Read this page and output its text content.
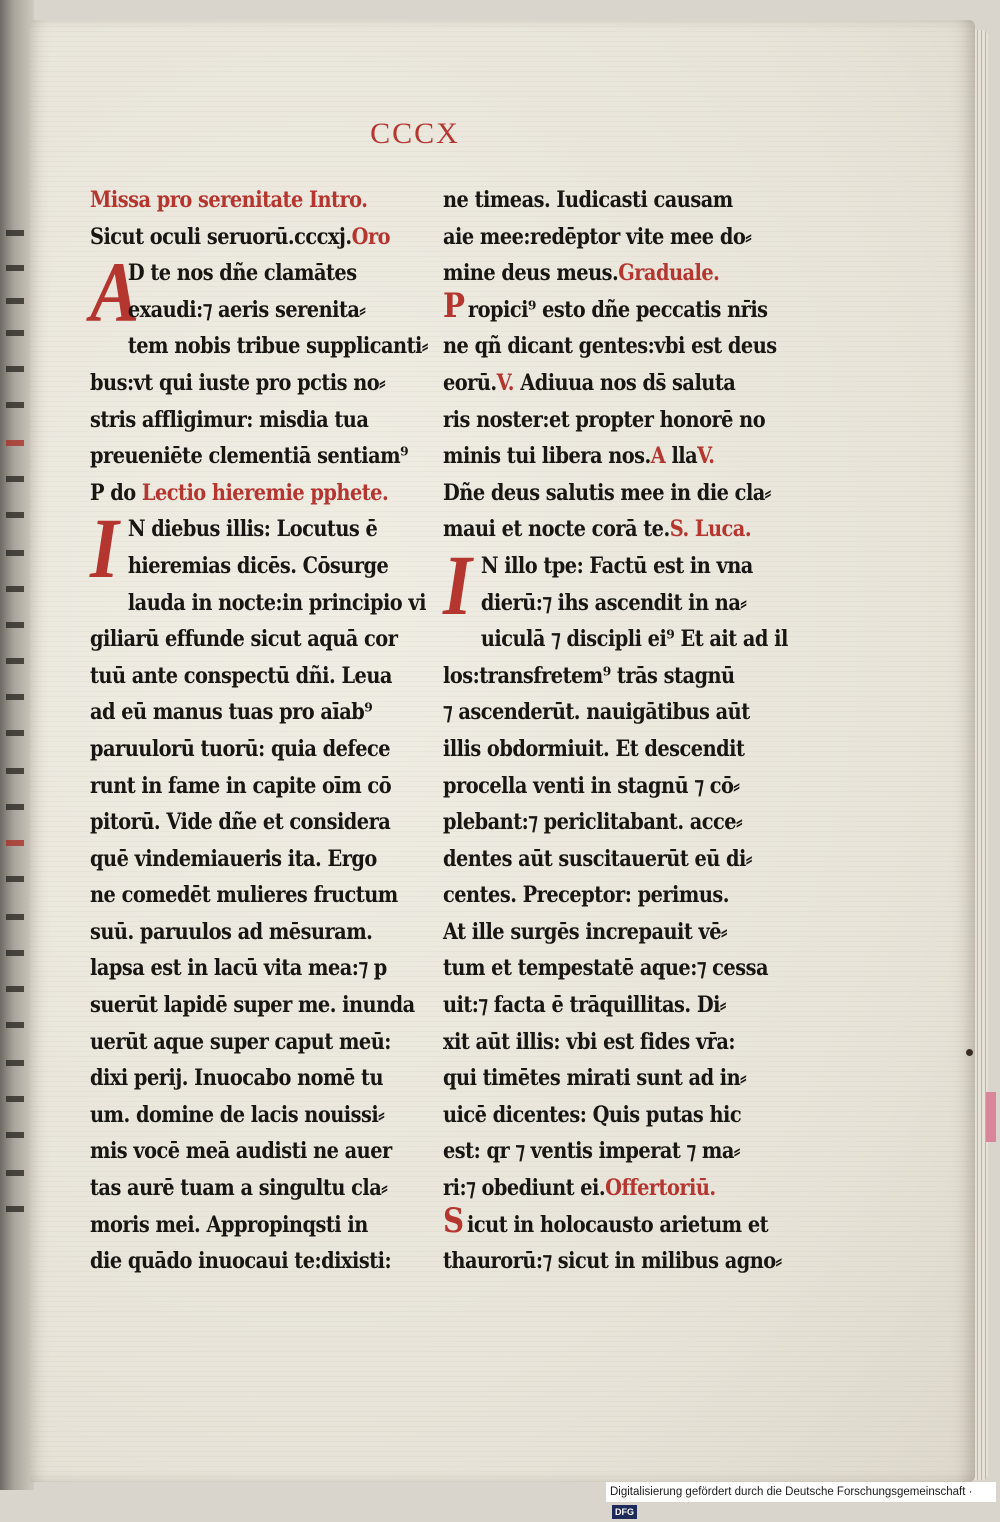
CCCX
Missa pro serenitate Intro.
Sicut oculi seruorū.cccxj.Oro
A
D te nos dñe clamātes
exaudi:⁊ aeris serenita⸗
tem nobis tribue supplicanti⸗
bus:vt qui iuste pro pctis no⸗
stris affligimur: misdia tua
preueniēte clementiā sentiam⁹
P do Lectio hieremie pphete.
I N diebus illis: Locutus ē
hieremias dicēs. Cōsurge
lauda in nocte:in principio vi
giliarū effunde sicut aquā cor
tuū ante conspectū dñi. Leua
ad eū manus tuas pro aīab⁹
paruulorū tuorū: quia defece
runt in fame in capite oīm cō
pitorū. Vide dñe et considera
quē vindemiaueris ita. Ergo
ne comedēt mulieres fructum
suū. paruulos ad mēsuram.
lapsa est in lacū vita mea:⁊ p
suerūt lapidē super me. inunda
uerūt aque super caput meū:
dixi perij. Inuocabo nomē tu
um. domine de lacis nouissi⸗
mis vocē meā audisti ne auer
tas aurē tuam a singultu cla⸗
moris mei. Appropinqsti in
die quādo inuocaui te:dixisti:
ne timeas. Iudicasti causam
aie mee:redēptor vite mee do⸗
mine deus meus.Graduale.
Propici⁹ esto dñe peccatis nr̄is
ne qñ dicant gentes:vbi est deus
eorū.V. Adiuua nos ds̄ saluta
ris noster:et propter honorē no
minis tui libera nos.A llaV.
Dñe deus salutis mee in die cla⸗
maui et nocte corā te.S. Luca.
I N illo tpe: Factū est in vna
dierū:⁊ ihs ascendit in na⸗
uiculā ⁊ discipli ei⁹ Et ait ad il
los:transfretem⁹ trās stagnū
⁊ ascenderūt. nauigātibus aūt
illis obdormiuit. Et descendit
procella venti in stagnū ⁊ cō⸗
plebant:⁊ periclitabant. acce⸗
dentes aūt suscitauerūt eū di⸗
centes. Preceptor: perimus.
At ille surgēs increpauit vē⸗
tum et tempestatē aque:⁊ cessa
uit:⁊ facta ē trāquillitas. Di⸗
xit aūt illis: vbi est fides vr̄a:
qui timētes mirati sunt ad in⸗
uicē dicentes: Quis putas hic
est: qr ⁊ ventis imperat ⁊ ma⸗
ri:⁊ obediunt ei.Offertoriū.
Sicut in holocausto arietum et
thaurorū:⁊ sicut in milibus agno⸗
Digitalisierung gefördert durch die Deutsche Forschungsgemeinschaft ·DFG
